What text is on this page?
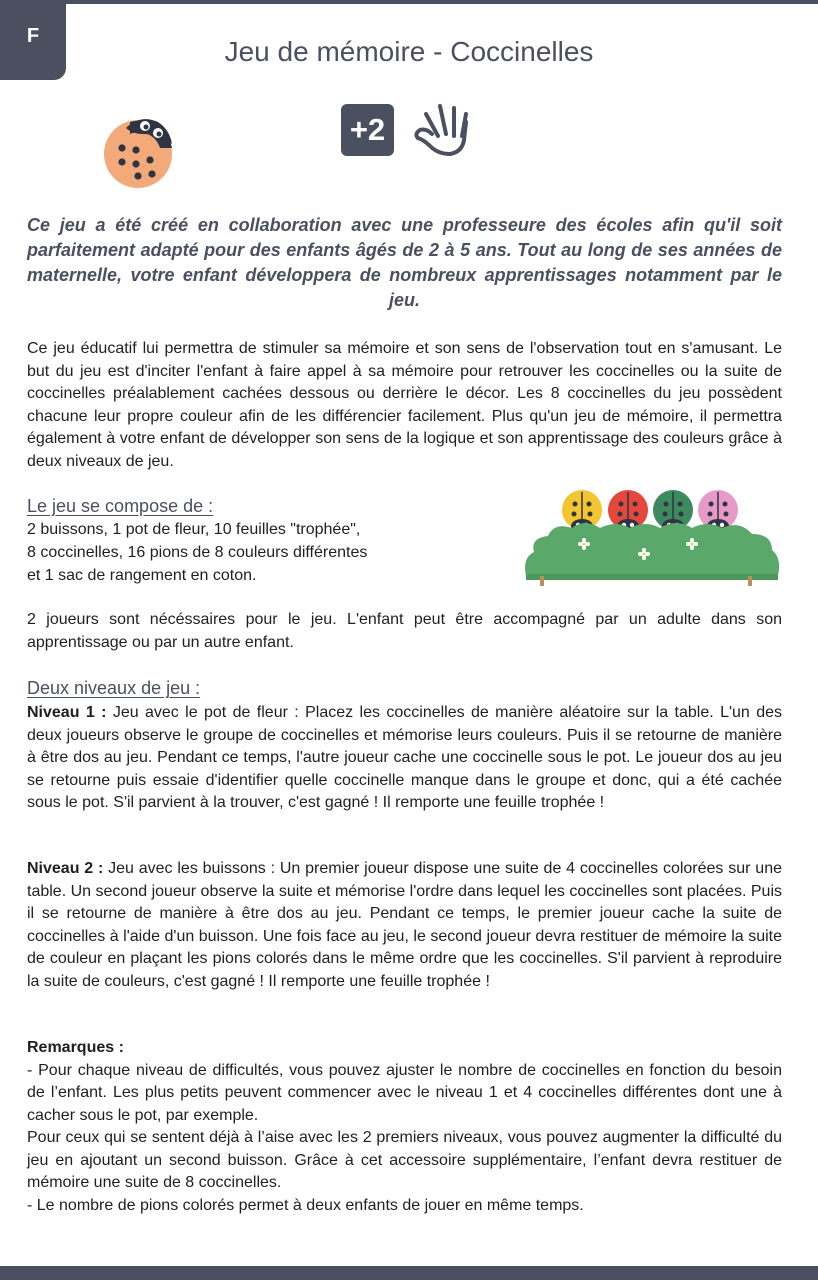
F
Jeu de mémoire - Coccinelles
+2

Ce jeu a été créé en collaboration avec une professeure des écoles afin qu'il soit parfaitement adapté pour des enfants âgés de 2 à 5 ans. Tout au long de ses années de maternelle, votre enfant développera de nombreux apprentissages notamment par le jeu.

Ce jeu éducatif lui permettra de stimuler sa mémoire et son sens de l'observation tout en s'amusant. Le but du jeu est d'inciter l'enfant à faire appel à sa mémoire pour retrouver les coccinelles ou la suite de coccinelles préalablement cachées dessous ou derrière le décor. Les 8 coccinelles du jeu possèdent chacune leur propre couleur afin de les différencier facilement. Plus qu'un jeu de mémoire, il permettra également à votre enfant de développer son sens de la logique et son apprentissage des couleurs grâce à deux niveaux de jeu.

Le jeu se compose de :
2 buissons, 1 pot de fleur, 10 feuilles "trophée",
8 coccinelles, 16 pions de 8 couleurs différentes
et 1 sac de rangement en coton.

2 joueurs sont nécéssaires pour le jeu. L'enfant peut être accompagné par un adulte dans son apprentissage ou par un autre enfant.

Deux niveaux de jeu :

Niveau 1 : Jeu avec le pot de fleur : Placez les coccinelles de manière aléatoire sur la table. L'un des deux joueurs observe le groupe de coccinelles et mémorise leurs couleurs. Puis il se retourne de manière à être dos au jeu. Pendant ce temps, l'autre joueur cache une coccinelle sous le pot. Le joueur dos au jeu se retourne puis essaie d'identifier quelle coccinelle manque dans le groupe et donc, qui a été cachée sous le pot. S'il parvient à la trouver, c'est gagné ! Il remporte une feuille trophée !

Niveau 2 : Jeu avec les buissons : Un premier joueur dispose une suite de 4 coccinelles colorées sur une table. Un second joueur observe la suite et mémorise l'ordre dans lequel les coccinelles sont placées. Puis il se retourne de manière à être dos au jeu. Pendant ce temps, le premier joueur cache la suite de coccinelles à l'aide d'un buisson. Une fois face au jeu, le second joueur devra restituer de mémoire la suite de couleur en plaçant les pions colorés dans le même ordre que les coccinelles. S'il parvient à reproduire la suite de couleurs, c'est gagné ! Il remporte une feuille trophée !

Remarques :
- Pour chaque niveau de difficultés, vous pouvez ajuster le nombre de coccinelles en fonction du besoin de l’enfant. Les plus petits peuvent commencer avec le niveau 1 et 4 coccinelles différentes dont une à cacher sous le pot, par exemple.
Pour ceux qui se sentent déjà à l’aise avec les 2 premiers niveaux, vous pouvez augmenter la difficulté du jeu en ajoutant un second buisson. Grâce à cet accessoire supplémentaire, l’enfant devra restituer de mémoire une suite de 8 coccinelles.
- Le nombre de pions colorés permet à deux enfants de jouer en même temps.
